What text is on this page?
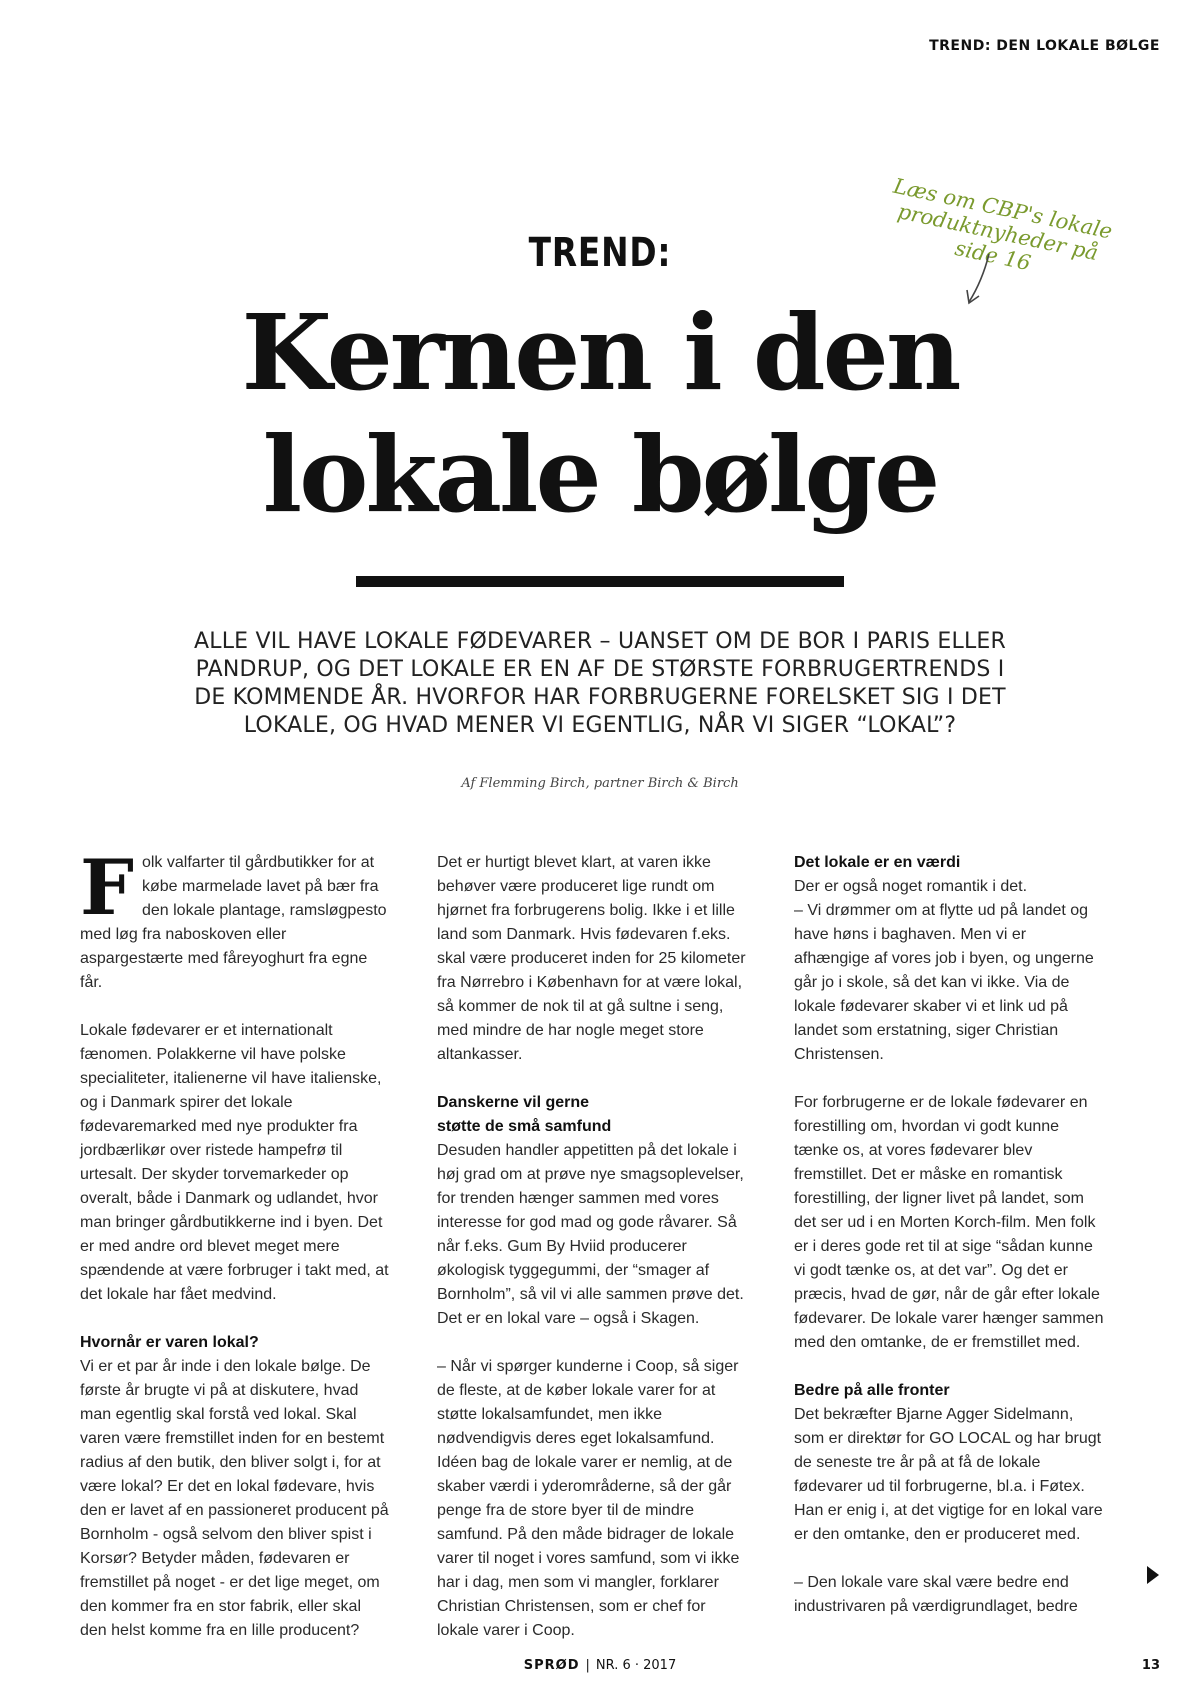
TREND: DEN LOKALE BØLGE
Læs om CBP's lokale produktnyheder på side 16
TREND:
Kernen i den
lokale bølge
ALLE VIL HAVE LOKALE FØDEVARER – UANSET OM DE BOR I PARIS ELLER
PANDRUP, OG DET LOKALE ER EN AF DE STØRSTE FORBRUGERTRENDS I
DE KOMMENDE ÅR. HVORFOR HAR FORBRUGERNE FORELSKET SIG I DET
LOKALE, OG HVAD MENER VI EGENTLIG, NÅR VI SIGER “LOKAL”?
Af Flemming Birch, partner Birch & Birch

Folk valfarter til gårdbutikker for at købe marmelade lavet på bær fra den lokale plantage, ramsløgpesto med løg fra naboskoven eller aspargestærte med fåreyoghurt fra egne får.

Lokale fødevarer er et internationalt fænomen. Polakkerne vil have polske specialiteter, italienerne vil have italienske, og i Danmark spirer det lokale fødevaremarked med nye produkter fra jordbærlikør over ristede hampefrø til urtesalt. Der skyder torvemarkeder op overalt, både i Danmark og udlandet, hvor man bringer gårdbutikkerne ind i byen. Det er med andre ord blevet meget mere spændende at være forbruger i takt med, at det lokale har fået medvind.

Hvornår er varen lokal?

Vi er et par år inde i den lokale bølge. De første år brugte vi på at diskutere, hvad man egentlig skal forstå ved lokal. Skal varen være fremstillet inden for en bestemt radius af den butik, den bliver solgt i, for at være lokal? Er det en lokal fødevare, hvis den er lavet af en passioneret producent på Bornholm - også selvom den bliver spist i Korsør? Betyder måden, fødevaren er fremstillet på noget - er det lige meget, om den kommer fra en stor fabrik, eller skal den helst komme fra en lille producent?

Det er hurtigt blevet klart, at varen ikke behøver være produceret lige rundt om hjørnet fra forbrugerens bolig. Ikke i et lille land som Danmark. Hvis fødevaren f.eks. skal være produceret inden for 25 kilometer fra Nørrebro i København for at være lokal, så kommer de nok til at gå sultne i seng, med mindre de har nogle meget store altankasser.

Danskerne vil gerne
støtte de små samfund

Desuden handler appetitten på det lokale i høj grad om at prøve nye smagsoplevelser, for trenden hænger sammen med vores interesse for god mad og gode råvarer. Så når f.eks. Gum By Hviid producerer økologisk tyggegummi, der “smager af Bornholm”, så vil vi alle sammen prøve det. Det er en lokal vare – også i Skagen.

– Når vi spørger kunderne i Coop, så siger de fleste, at de køber lokale varer for at støtte lokalsamfundet, men ikke nødvendigvis deres eget lokalsamfund. Idéen bag de lokale varer er nemlig, at de skaber værdi i yderområderne, så der går penge fra de store byer til de mindre samfund. På den måde bidrager de lokale varer til noget i vores samfund, som vi ikke har i dag, men som vi mangler, forklarer Christian Christensen, som er chef for lokale varer i Coop.

Det lokale er en værdi

Der er også noget romantik i det.

– Vi drømmer om at flytte ud på landet og have høns i baghaven. Men vi er afhængige af vores job i byen, og ungerne går jo i skole, så det kan vi ikke. Via de lokale fødevarer skaber vi et link ud på landet som erstatning, siger Christian Christensen.

For forbrugerne er de lokale fødevarer en forestilling om, hvordan vi godt kunne tænke os, at vores fødevarer blev fremstillet. Det er måske en romantisk forestilling, der ligner livet på landet, som det ser ud i en Morten Korch-film. Men folk er i deres gode ret til at sige “sådan kunne vi godt tænke os, at det var”. Og det er præcis, hvad de gør, når de går efter lokale fødevarer. De lokale varer hænger sammen med den omtanke, de er fremstillet med.

Bedre på alle fronter

Det bekræfter Bjarne Agger Sidelmann, som er direktør for GO LOCAL og har brugt de seneste tre år på at få de lokale fødevarer ud til forbrugerne, bl.a. i Føtex. Han er enig i, at det vigtige for en lokal vare er den omtanke, den er produceret med.

– Den lokale vare skal være bedre end industrivaren på værdigrundlaget, bedre

SPRØD | NR. 6 · 2017	13
